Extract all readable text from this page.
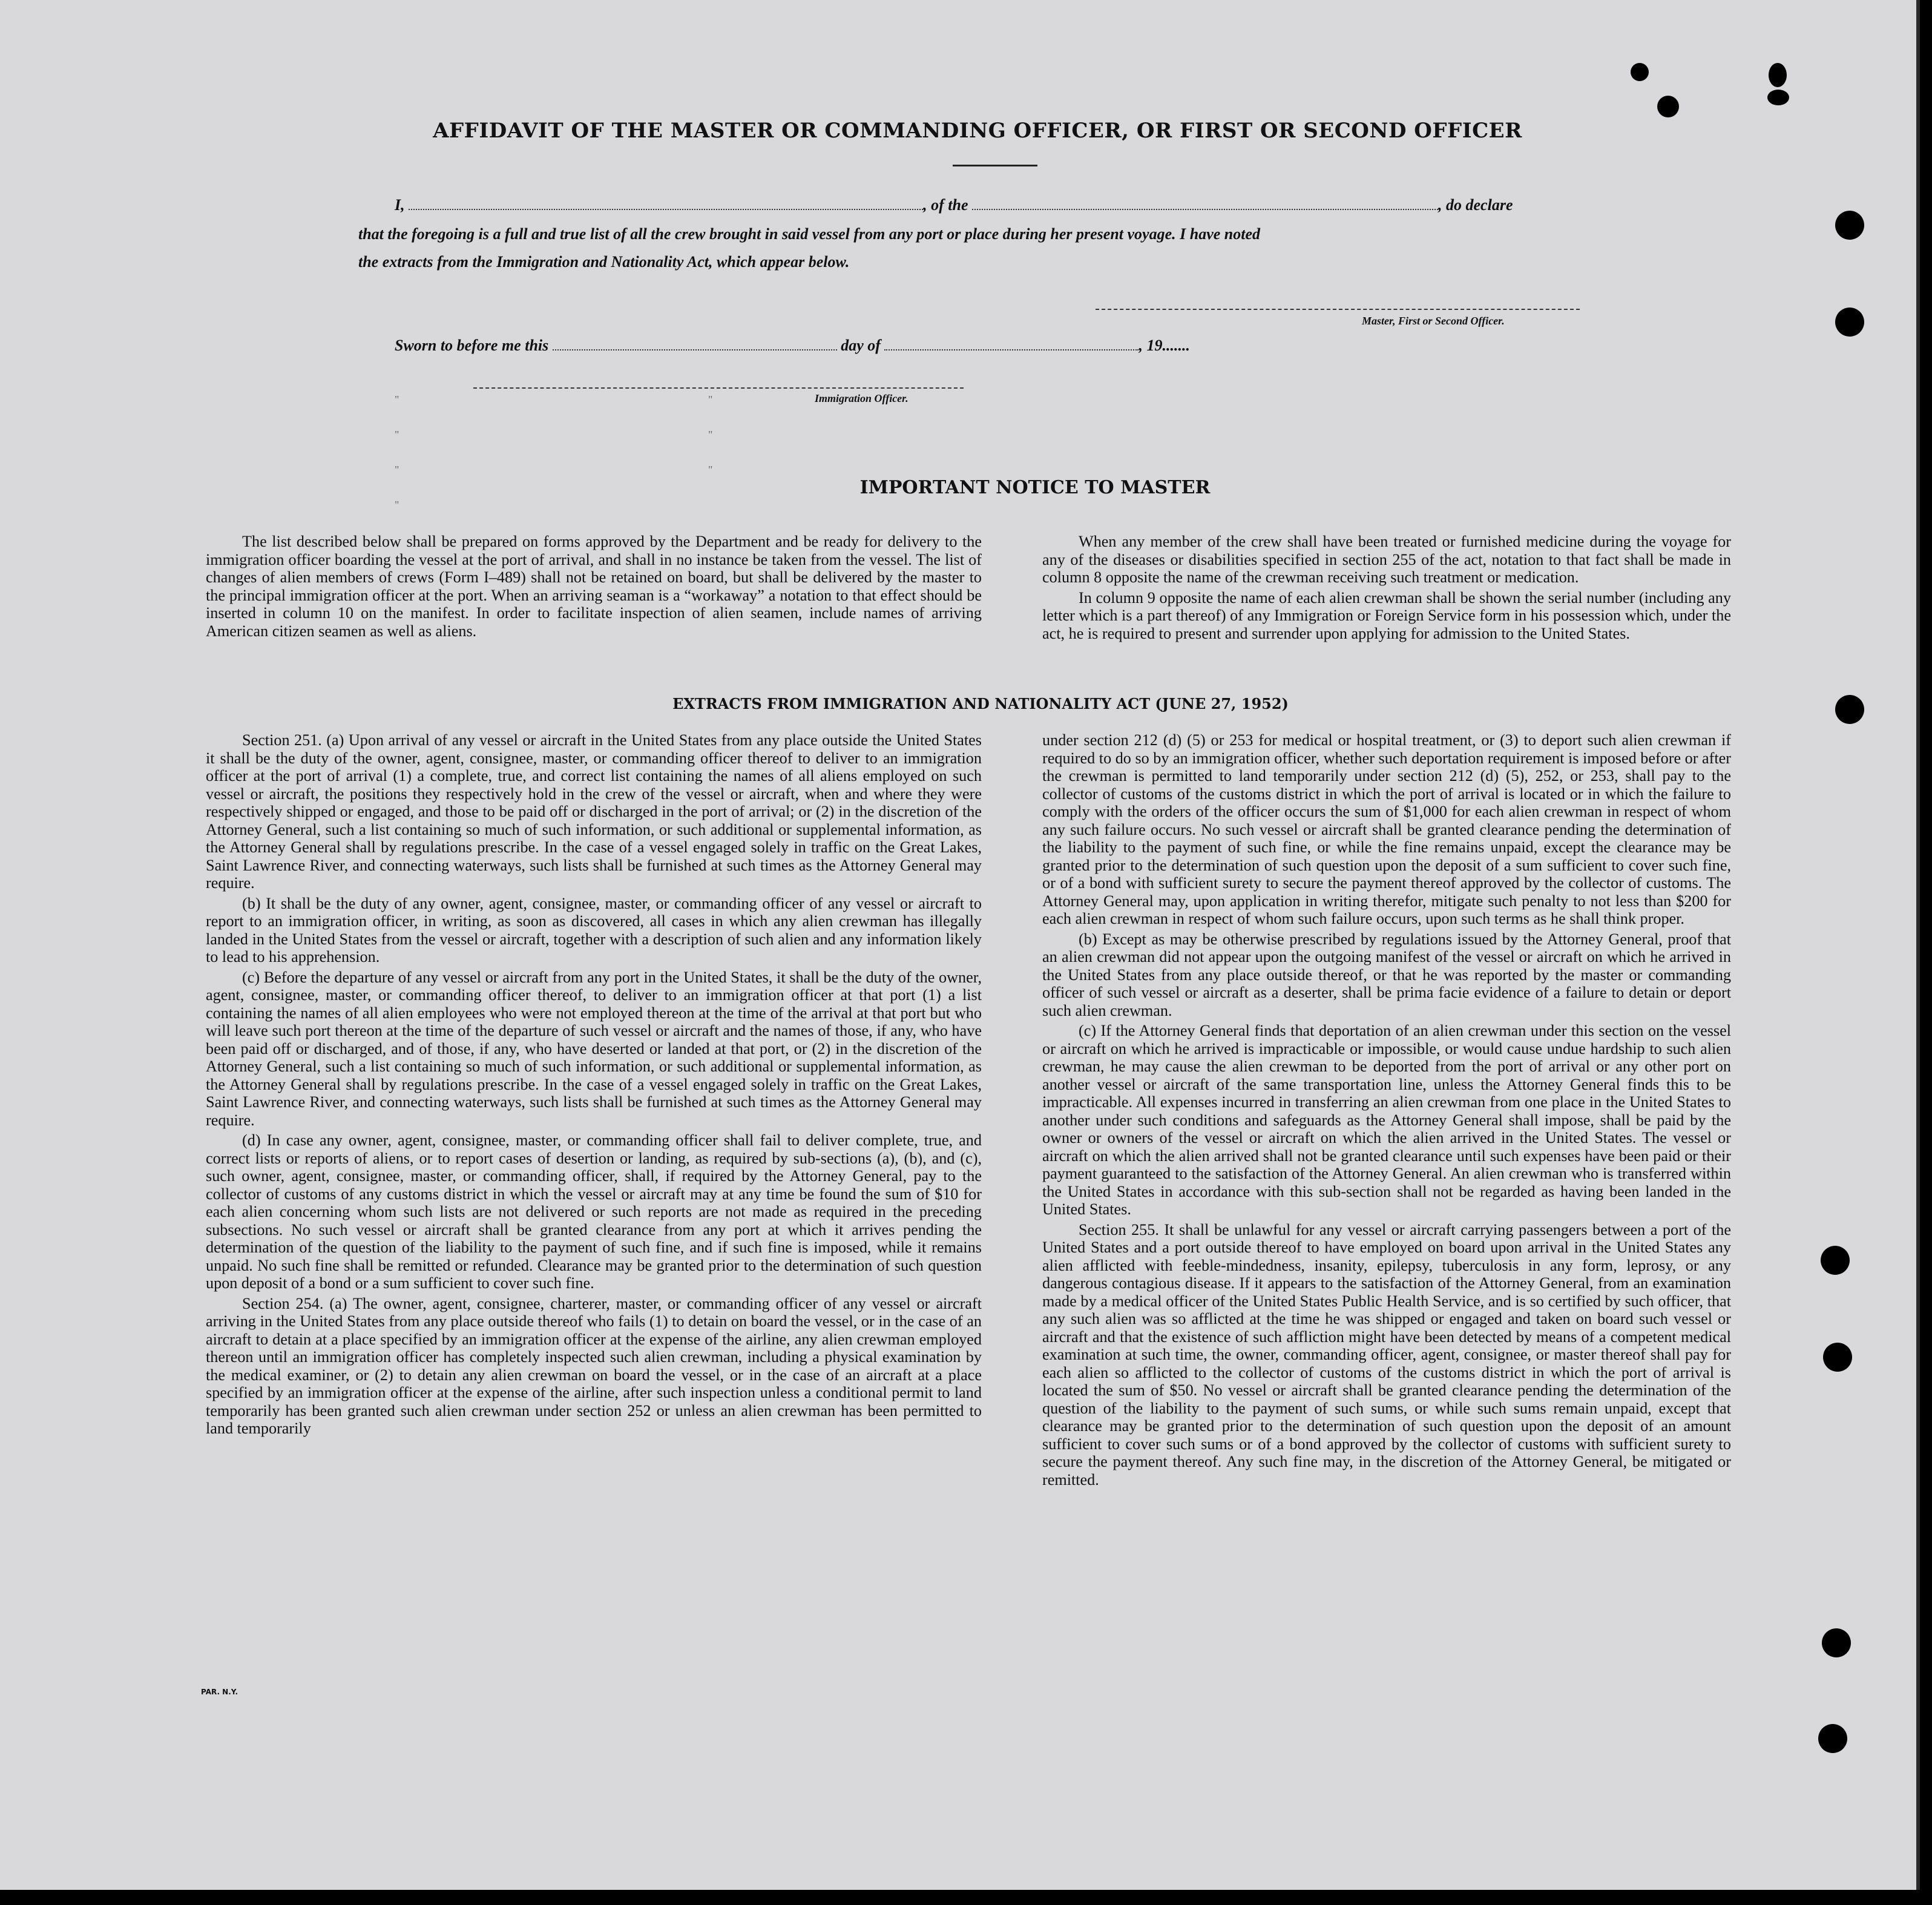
AFFIDAVIT OF THE MASTER OR COMMANDING OFFICER, OR FIRST OR SECOND OFFICER
I,	, of the	, do declare
that the foregoing is a full and true list of all the crew brought in said vessel from any port or place during her present voyage. I have noted
the extracts from the Immigration and Nationality Act, which appear below.
Master, First or Second Officer.
Sworn to before me this	day of	, 19.......
Immigration Officer.
"
"
"
"
"
"
"
IMPORTANT NOTICE TO MASTER

The list described below shall be prepared on forms approved by the Department and be ready for delivery to the immigration officer boarding the vessel at the port of arrival, and shall in no instance be taken from the vessel. The list of changes of alien members of crews (Form I–489) shall not be retained on board, but shall be delivered by the master to the principal immigration officer at the port. When an arriving seaman is a “workaway” a notation to that effect should be inserted in column 10 on the manifest. In order to facilitate inspection of alien seamen, include names of arriving American citizen seamen as well as aliens.

When any member of the crew shall have been treated or furnished medicine during the voyage for any of the diseases or disabilities specified in section 255 of the act, notation to that fact shall be made in column 8 opposite the name of the crewman receiving such treatment or medication.

In column 9 opposite the name of each alien crewman shall be shown the serial number (including any letter which is a part thereof) of any Immigration or Foreign Service form in his possession which, under the act, he is required to present and surrender upon applying for admission to the United States.

EXTRACTS FROM IMMIGRATION AND NATIONALITY ACT (JUNE 27, 1952)

Section 251. (a) Upon arrival of any vessel or aircraft in the United States from any place outside the United States it shall be the duty of the owner, agent, consignee, master, or commanding officer thereof to deliver to an immigration officer at the port of arrival (1) a complete, true, and correct list containing the names of all aliens employed on such vessel or aircraft, the positions they respectively hold in the crew of the vessel or aircraft, when and where they were respectively shipped or engaged, and those to be paid off or discharged in the port of arrival; or (2) in the discretion of the Attorney General, such a list containing so much of such information, or such additional or supplemental information, as the Attorney General shall by regulations prescribe. In the case of a vessel engaged solely in traffic on the Great Lakes, Saint Lawrence River, and connecting waterways, such lists shall be furnished at such times as the Attorney General may require.

(b) It shall be the duty of any owner, agent, consignee, master, or commanding officer of any vessel or aircraft to report to an immigration officer, in writing, as soon as discovered, all cases in which any alien crewman has illegally landed in the United States from the vessel or aircraft, together with a description of such alien and any information likely to lead to his apprehension.

(c) Before the departure of any vessel or aircraft from any port in the United States, it shall be the duty of the owner, agent, consignee, master, or commanding officer thereof, to deliver to an immigration officer at that port (1) a list containing the names of all alien employees who were not employed thereon at the time of the arrival at that port but who will leave such port thereon at the time of the departure of such vessel or aircraft and the names of those, if any, who have been paid off or discharged, and of those, if any, who have deserted or landed at that port, or (2) in the discretion of the Attorney General, such a list containing so much of such information, or such additional or supplemental information, as the Attorney General shall by regulations prescribe. In the case of a vessel engaged solely in traffic on the Great Lakes, Saint Lawrence River, and connecting waterways, such lists shall be furnished at such times as the Attorney General may require.

(d) In case any owner, agent, consignee, master, or commanding officer shall fail to deliver complete, true, and correct lists or reports of aliens, or to report cases of desertion or landing, as required by sub-sections (a), (b), and (c), such owner, agent, consignee, master, or commanding officer, shall, if required by the Attorney General, pay to the collector of customs of any customs district in which the vessel or aircraft may at any time be found the sum of $10 for each alien concerning whom such lists are not delivered or such reports are not made as required in the preceding subsections. No such vessel or aircraft shall be granted clearance from any port at which it arrives pending the determination of the question of the liability to the payment of such fine, and if such fine is imposed, while it remains unpaid. No such fine shall be remitted or refunded. Clearance may be granted prior to the determination of such question upon deposit of a bond or a sum sufficient to cover such fine.

Section 254. (a) The owner, agent, consignee, charterer, master, or commanding officer of any vessel or aircraft arriving in the United States from any place outside thereof who fails (1) to detain on board the vessel, or in the case of an aircraft to detain at a place specified by an immigration officer at the expense of the airline, any alien crewman employed thereon until an immigration officer has completely inspected such alien crewman, including a physical examination by the medical examiner, or (2) to detain any alien crewman on board the vessel, or in the case of an aircraft at a place specified by an immigration officer at the expense of the airline, after such inspection unless a conditional permit to land temporarily has been granted such alien crewman under section 252 or unless an alien crewman has been permitted to land temporarily

under section 212 (d) (5) or 253 for medical or hospital treatment, or (3) to deport such alien crewman if required to do so by an immigration officer, whether such deportation requirement is imposed before or after the crewman is permitted to land temporarily under section 212 (d) (5), 252, or 253, shall pay to the collector of customs of the customs district in which the port of arrival is located or in which the failure to comply with the orders of the officer occurs the sum of $1,000 for each alien crewman in respect of whom any such failure occurs. No such vessel or aircraft shall be granted clearance pending the determination of the liability to the payment of such fine, or while the fine remains unpaid, except the clearance may be granted prior to the determination of such question upon the deposit of a sum sufficient to cover such fine, or of a bond with sufficient surety to secure the payment thereof approved by the collector of customs. The Attorney General may, upon application in writing therefor, mitigate such penalty to not less than $200 for each alien crewman in respect of whom such failure occurs, upon such terms as he shall think proper.

(b) Except as may be otherwise prescribed by regulations issued by the Attorney General, proof that an alien crewman did not appear upon the outgoing manifest of the vessel or aircraft on which he arrived in the United States from any place outside thereof, or that he was reported by the master or commanding officer of such vessel or aircraft as a deserter, shall be prima facie evidence of a failure to detain or deport such alien crewman.

(c) If the Attorney General finds that deportation of an alien crewman under this section on the vessel or aircraft on which he arrived is impracticable or impossible, or would cause undue hardship to such alien crewman, he may cause the alien crewman to be deported from the port of arrival or any other port on another vessel or aircraft of the same transportation line, unless the Attorney General finds this to be impracticable. All expenses incurred in transferring an alien crewman from one place in the United States to another under such conditions and safeguards as the Attorney General shall impose, shall be paid by the owner or owners of the vessel or aircraft on which the alien arrived in the United States. The vessel or aircraft on which the alien arrived shall not be granted clearance until such expenses have been paid or their payment guaranteed to the satisfaction of the Attorney General. An alien crewman who is transferred within the United States in accordance with this sub-section shall not be regarded as having been landed in the United States.

Section 255. It shall be unlawful for any vessel or aircraft carrying passengers between a port of the United States and a port outside thereof to have employed on board upon arrival in the United States any alien afflicted with feeble-mindedness, insanity, epilepsy, tuberculosis in any form, leprosy, or any dangerous contagious disease. If it appears to the satisfaction of the Attorney General, from an examination made by a medical officer of the United States Public Health Service, and is so certified by such officer, that any such alien was so afflicted at the time he was shipped or engaged and taken on board such vessel or aircraft and that the existence of such affliction might have been detected by means of a competent medical examination at such time, the owner, commanding officer, agent, consignee, or master thereof shall pay for each alien so afflicted to the collector of customs of the customs district in which the port of arrival is located the sum of $50. No vessel or aircraft shall be granted clearance pending the determination of the question of the liability to the payment of such sums, or while such sums remain unpaid, except that clearance may be granted prior to the determination of such question upon the deposit of an amount sufficient to cover such sums or of a bond approved by the collector of customs with sufficient surety to secure the payment thereof. Any such fine may, in the discretion of the Attorney General, be mitigated or remitted.

PAR. N.Y.
